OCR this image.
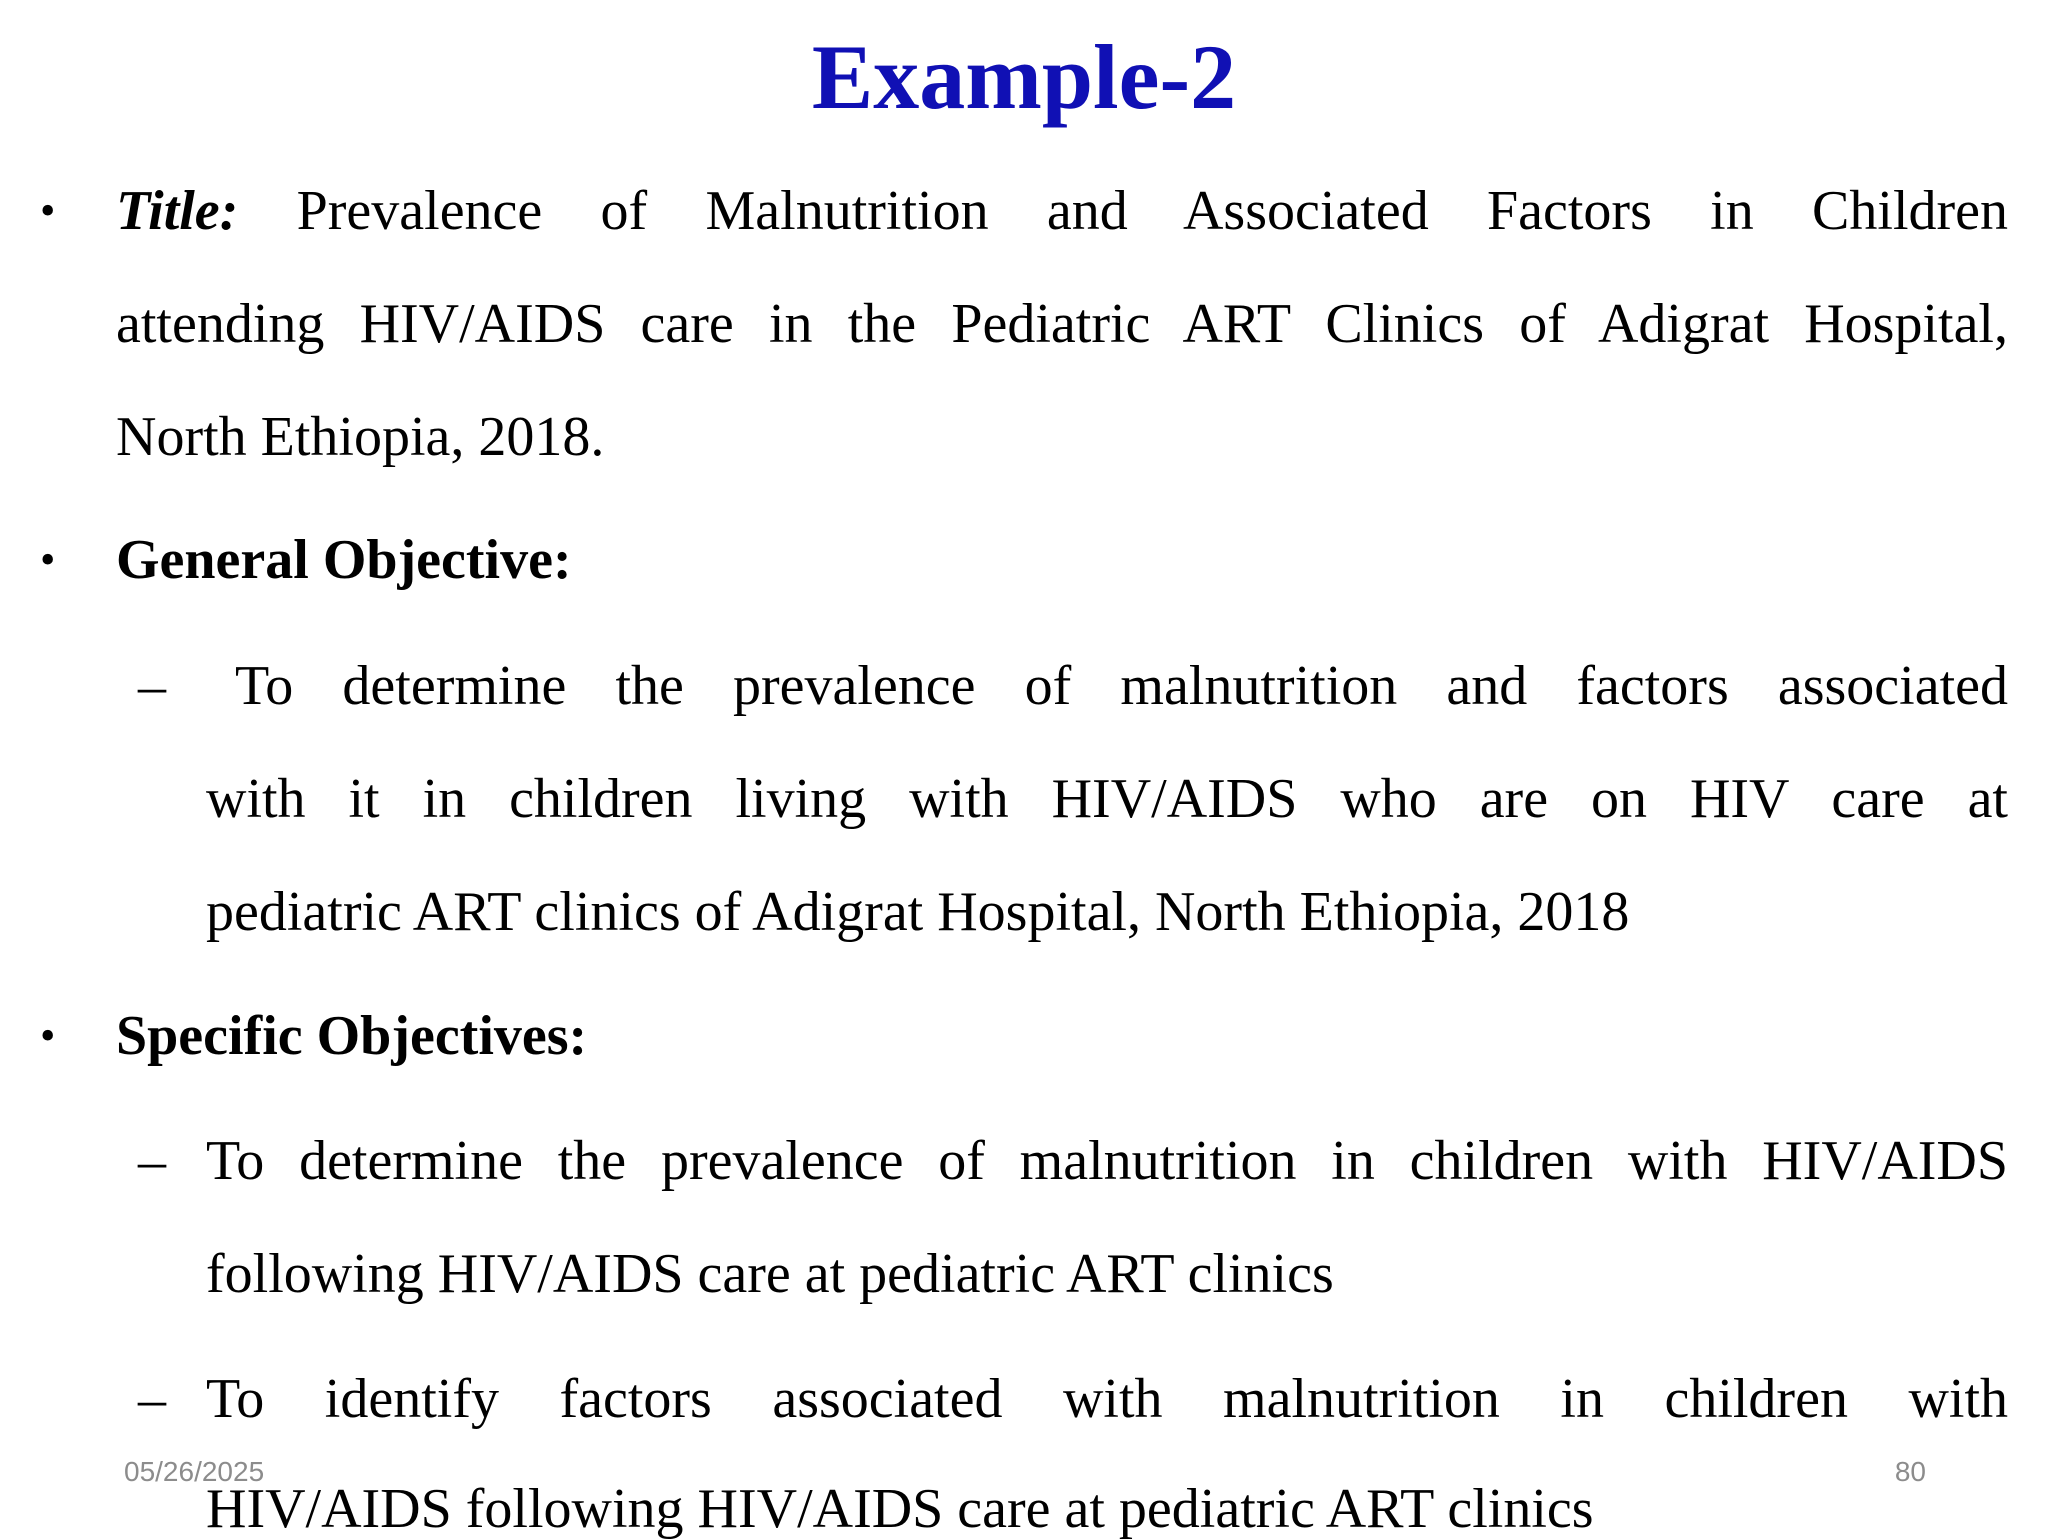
Example-2
• Title: Prevalence of Malnutrition and Associated Factors in Children
attending HIV/AIDS care in the Pediatric ART Clinics of Adigrat Hospital,
North Ethiopia, 2018.
• General Objective:
– To determine the prevalence of malnutrition and factors associated
with it in children living with HIV/AIDS who are on HIV care at
pediatric ART clinics of Adigrat Hospital, North Ethiopia, 2018
• Specific Objectives:
– To determine the prevalence of malnutrition in children with HIV/AIDS
following HIV/AIDS care at pediatric ART clinics
– To identify factors associated with malnutrition in children with
HIV/AIDS following HIV/AIDS care at pediatric ART clinics
05/26/2025	80
